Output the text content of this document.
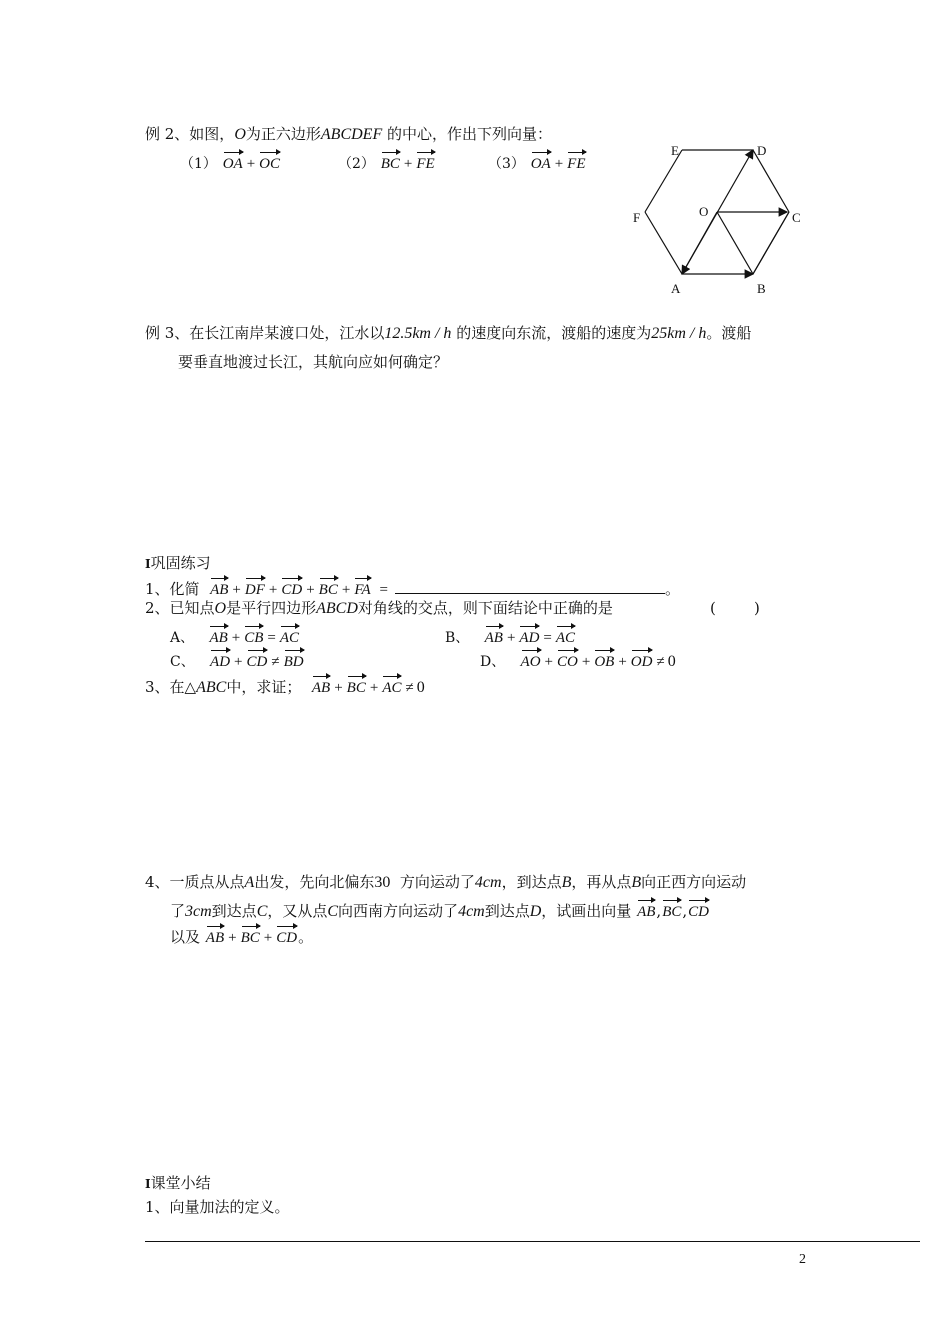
例 2、如图，O为正六边形ABCDEF 的中心，作出下列向量：
（1） OA + OC	（2） BC + FE	（3） OA + FE
A	B
C
D
E
F	O
例 3、在长江南岸某渡口处，江水以12.5km / h 的速度向东流，渡船的速度为25km / h。渡船
要垂直地渡过长江，其航向应如何确定？
I巩固练习
1、化简 AB + DF + CD + BC + FA =	。
2、已知点O是平行四边形ABCD对角线的交点，则下面结论中正确的是	(        )
A、 AB + CB = AC	B、 AB + AD = AC
C、 AD + CD ≠ BD	D、 AO + CO + OB + OD ≠ 0
3、在△ABC中，求证； AB + BC + AC ≠ 0
4、一质点从点A出发，先向北偏东30 方向运动了4cm，到达点B，再从点B向正西方向运动
了3cm到达点C，又从点C向西南方向运动了4cm到达点D，试画出向量 AB,BC,CD
以及 AB + BC + CD。
I课堂小结
1、向量加法的定义。
2
